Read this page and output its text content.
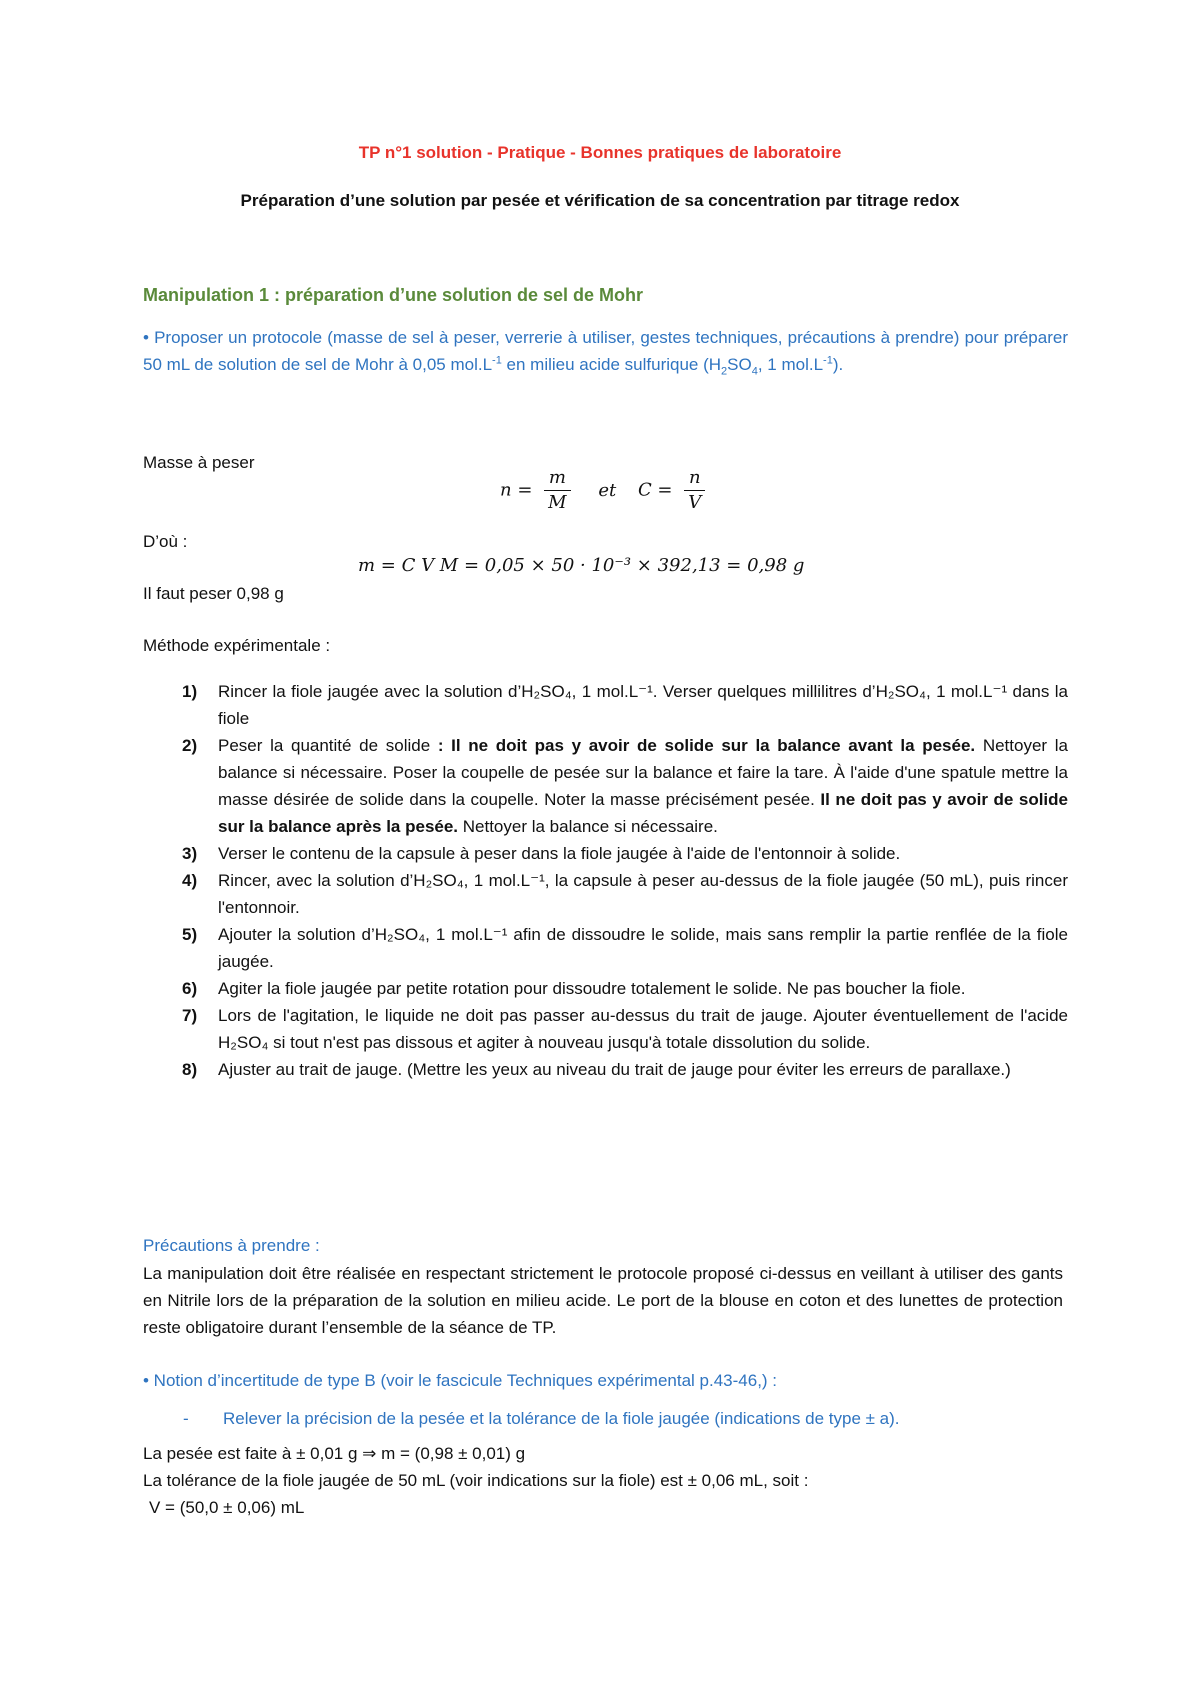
TP n°1 solution - Pratique - Bonnes pratiques de laboratoire
Préparation d’une solution par pesée et vérification de sa concentration par titrage redox
Manipulation 1 : préparation d’une solution de sel de Mohr
• Proposer un protocole (masse de sel à peser, verrerie à utiliser, gestes techniques, précautions à prendre) pour préparer 50 mL de solution de sel de Mohr à 0,05 $mol.L^{-1}$ en milieu acide sulfurique ($H_2SO_4$, 1 $mol.L^{-1}$).
Masse à peser
$n = \frac{m}{M}$ et $C = \frac{n}{V}$
D’où :
m = C V M = 0,05 × 50 · 10⁻³ × 392,13 = 0,98 g
Il faut peser 0,98 g
Méthode expérimentale :
1) Rincer la fiole jaugée avec la solution d’H₂SO₄, 1 mol.L⁻¹. Verser quelques millilitres d’H₂SO₄, 1 mol.L⁻¹ dans la fiole
2) Peser la quantité de solide : Il ne doit pas y avoir de solide sur la balance avant la pesée. Nettoyer la balance si nécessaire. Poser la coupelle de pesée sur la balance et faire la tare. À l'aide d'une spatule mettre la masse désirée de solide dans la coupelle. Noter la masse précisément pesée. Il ne doit pas y avoir de solide sur la balance après la pesée. Nettoyer la balance si nécessaire.
3) Verser le contenu de la capsule à peser dans la fiole jaugée à l'aide de l'entonnoir à solide.
4) Rincer, avec la solution d’H₂SO₄, 1 mol.L⁻¹, la capsule à peser au-dessus de la fiole jaugée (50 mL), puis rincer l'entonnoir.
5) Ajouter la solution d’H₂SO₄, 1 mol.L⁻¹ afin de dissoudre le solide, mais sans remplir la partie renflée de la fiole jaugée.
6) Agiter la fiole jaugée par petite rotation pour dissoudre totalement le solide. Ne pas boucher la fiole.
7) Lors de l'agitation, le liquide ne doit pas passer au-dessus du trait de jauge. Ajouter éventuellement de l'acide H₂SO₄ si tout n'est pas dissous et agiter à nouveau jusqu'à totale dissolution du solide.
8) Ajuster au trait de jauge. (Mettre les yeux au niveau du trait de jauge pour éviter les erreurs de parallaxe.)
Précautions à prendre :
La manipulation doit être réalisée en respectant strictement le protocole proposé ci-dessus en veillant à utiliser des gants en Nitrile lors de la préparation de la solution en milieu acide. Le port de la blouse en coton et des lunettes de protection reste obligatoire durant l’ensemble de la séance de TP.
• Notion d’incertitude de type B (voir le fascicule Techniques expérimental p.43-46,) :
- Relever la précision de la pesée et la tolérance de la fiole jaugée (indications de type ± a).
La pesée est faite à ± 0,01 g ⇒ m = (0,98 ± 0,01) g
La tolérance de la fiole jaugée de 50 mL (voir indications sur la fiole) est ± 0,06 mL, soit :
V = (50,0 ± 0,06) mL
